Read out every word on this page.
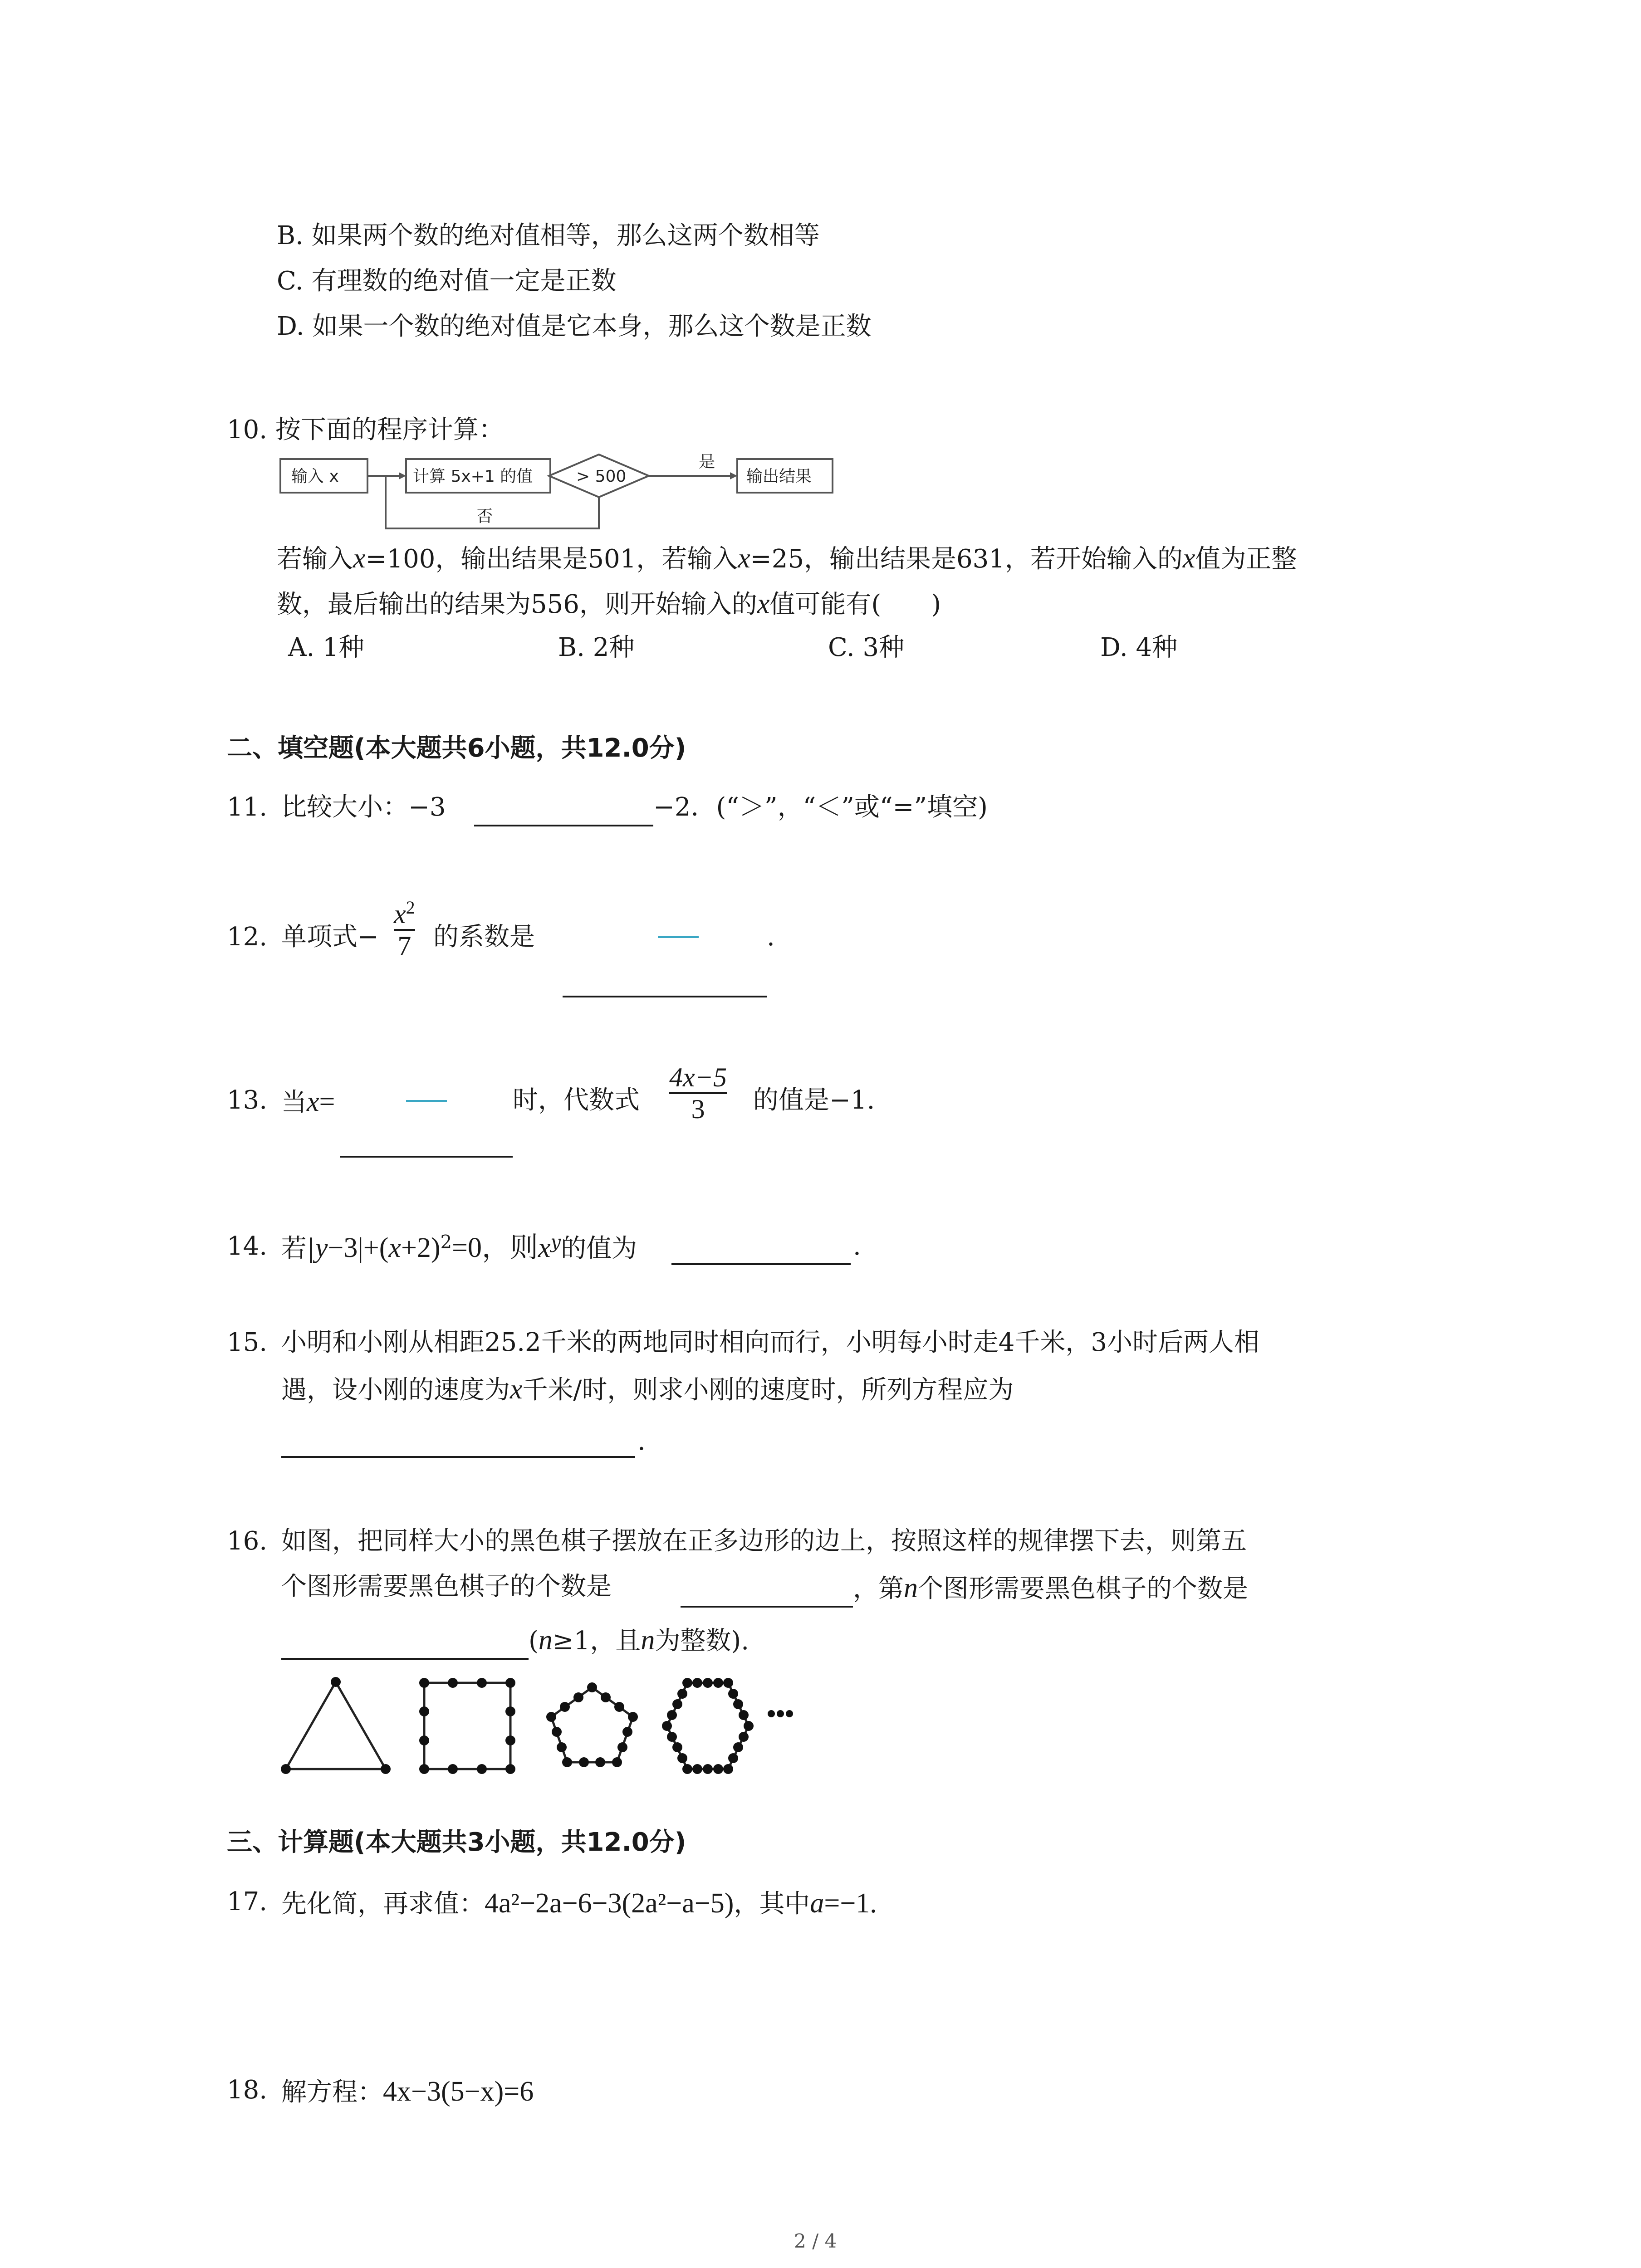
B. 如果两个数的绝对值相等，那么这两个数相等
C. 有理数的绝对值一定是正数
D. 如果一个数的绝对值是它本身，那么这个数是正数
10. 按下面的程序计算：
输入 x	计算 5x+1 的值	> 500
是
否
输出结果
若输入x=100，输出结果是501，若输入x=25，输出结果是631，若开始输入的x值为正整
数，最后输出的结果为556，则开始输入的x值可能有( )
A. 1种	B. 2种	C. 3种	D. 4种
二、填空题(本大题共6小题，共12.0分)
11. 比较大小：−3	−2．(“＞”，“＜”或“=”填空)
12. 单项式−
$x^2$
7 的系数是	.
13. 当x=	时，代数式
4x−5
3 的值是−1.
14. 若$|y-3|+(x+2)^2=0$，则$x^y$的值为	.
15. 小明和小刚从相距25.2千米的两地同时相向而行，小明每小时走4千米，3小时后两人相
遇，设小刚的速度为x千米/时，则求小刚的速度时，所列方程应为
.
16. 如图，把同样大小的黑色棋子摆放在正多边形的边上，按照这样的规律摆下去，则第五
个图形需要黑色棋子的个数是	，第n个图形需要黑色棋子的个数是
(n≥1，且n为整数).
三、计算题(本大题共3小题，共12.0分)
17. 先化简，再求值：4a²−2a−6−3(2a²−a−5)，其中a=−1.
18. 解方程：4x−3(5−x)=6
2 / 4
